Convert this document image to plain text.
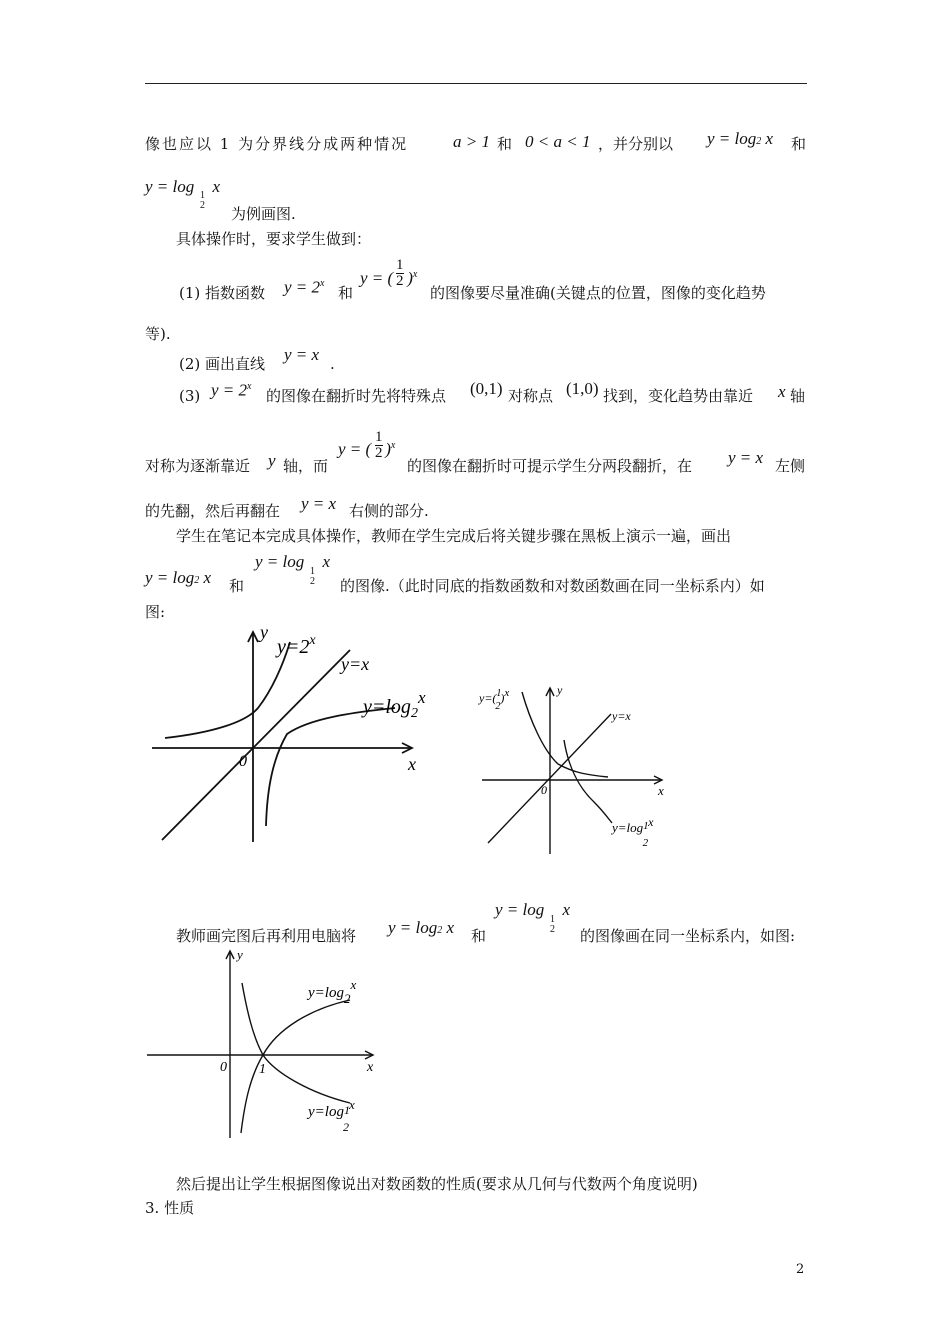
像也应以 1 为分界线分成两种情况	a > 1 和 0 < a < 1 ，并分别以 y = log2 x 和
y = log x
1
2 为例画图.
具体操作时，要求学生做到：
(1) 指数函数 $y = 2^x$
和
y = ( )$^x$
$\frac{1}{2}$
的图像要尽量准确(关键点的位置，图像的变化趋势
等).
(2) 画出直线 y = x .
(3) $y = 2^x$
的图像在翻折时先将特殊点 (0,1) 对称点 (1,0) 找到，变化趋势由靠近 x 轴
对称为逐渐靠近 y 轴，而
y = ( )$^x$
$\frac{1}{2}$
的图像在翻折时可提示学生分两段翻折，在 y = x 左侧
的先翻，然后再翻在 y = x 右侧的部分.
学生在笔记本完成具体操作，教师在学生完成后将关键步骤在黑板上演示一遍，画出
y = log2 x 和
y = log x
1
2 的图像.（此时同底的指数函数和对数函数画在同一坐标系内）如
图:
y
x
0
$y=2^x$
y=x
$y=\log_2^x$	y
x
0
y=($^1$ 2)x
y=x
$y=\log^1$ 2x
教师画完图后再利用电脑将 y = log2 x 和
y = log x
1
2 的图像画在同一坐标系内，如图:
y
x
0 1
y=log2x
y=log1 2x
然后提出让学生根据图像说出对数函数的性质(要求从几何与代数两个角度说明)
3. 性质
2
